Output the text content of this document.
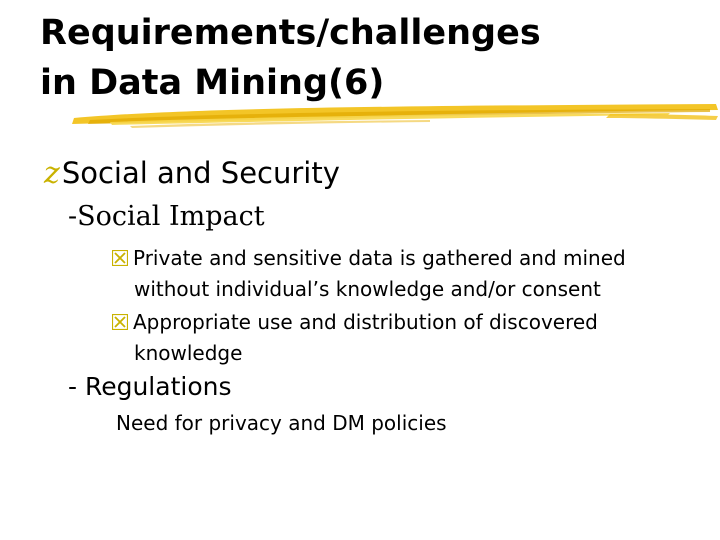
Requirements/challenges
in Data Mining(6)
zSocial and Security
-Social Impact
Private and sensitive data is gathered and mined
without individual’s knowledge and/or consent
Appropriate use and distribution of discovered
knowledge
- Regulations
Need for privacy and DM policies
